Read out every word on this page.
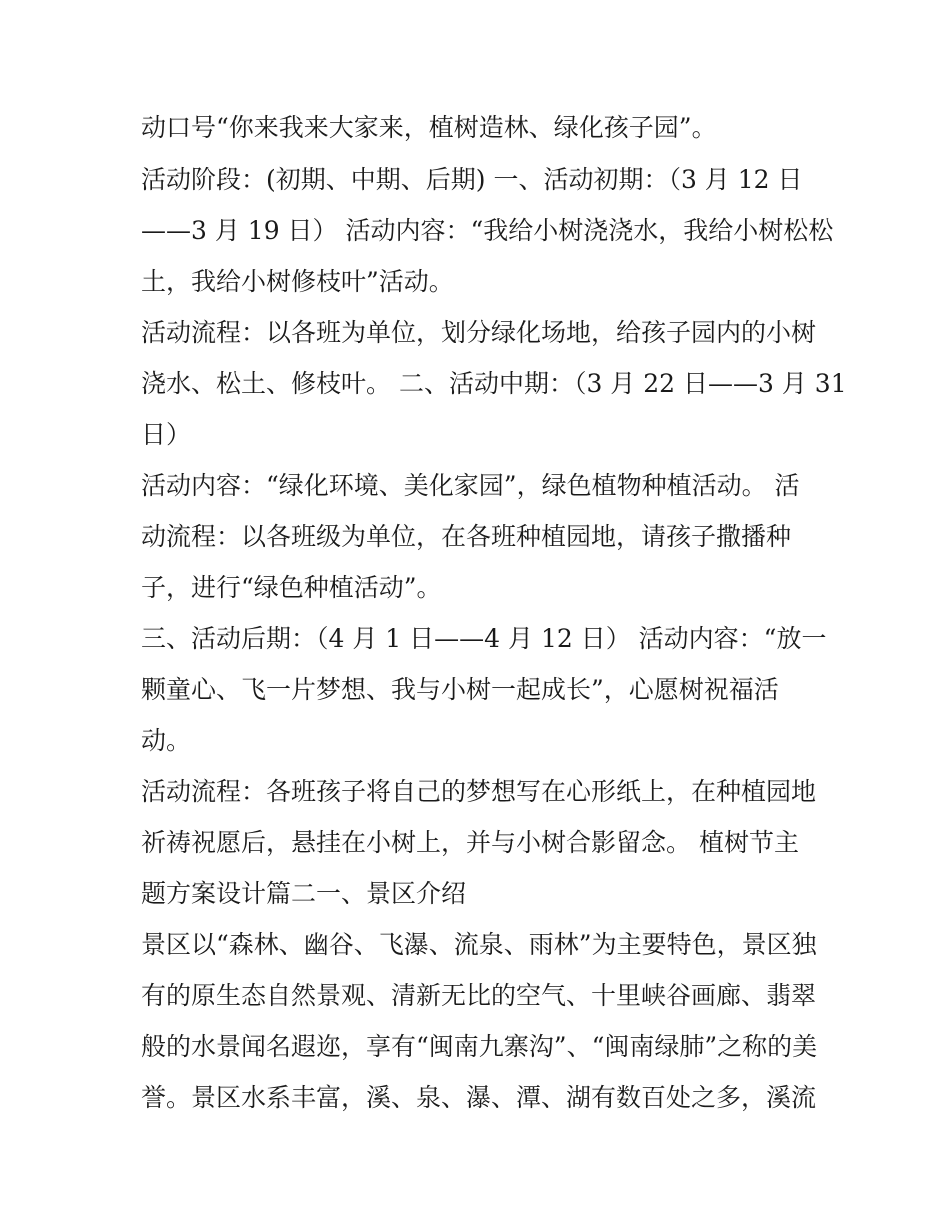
动口号“你来我来大家来，植树造林、绿化孩子园”。
活动阶段：(初期、中期、后期) 一、活动初期：（3 月 12 日
——3 月 19 日） 活动内容：“我给小树浇浇水，我给小树松松
土，我给小树修枝叶”活动。
活动流程：以各班为单位，划分绿化场地，给孩子园内的小树
浇水、松土、修枝叶。 二、活动中期：（3 月 22 日——3 月 31
日）
活动内容：“绿化环境、美化家园”，绿色植物种植活动。 活
动流程：以各班级为单位，在各班种植园地，请孩子撒播种
子，进行“绿色种植活动”。
三、活动后期：（4 月 1 日——4 月 12 日） 活动内容：“放一
颗童心、飞一片梦想、我与小树一起成长”，心愿树祝福活
动。
活动流程：各班孩子将自己的梦想写在心形纸上，在种植园地
祈祷祝愿后，悬挂在小树上，并与小树合影留念。 植树节主
题方案设计篇二一、景区介绍
景区以“森林、幽谷、飞瀑、流泉、雨林”为主要特色，景区独
有的原生态自然景观、清新无比的空气、十里峡谷画廊、翡翠
般的水景闻名遐迩，享有“闽南九寨沟”、“闽南绿肺”之称的美
誉。景区水系丰富，溪、泉、瀑、潭、湖有数百处之多，溪流
